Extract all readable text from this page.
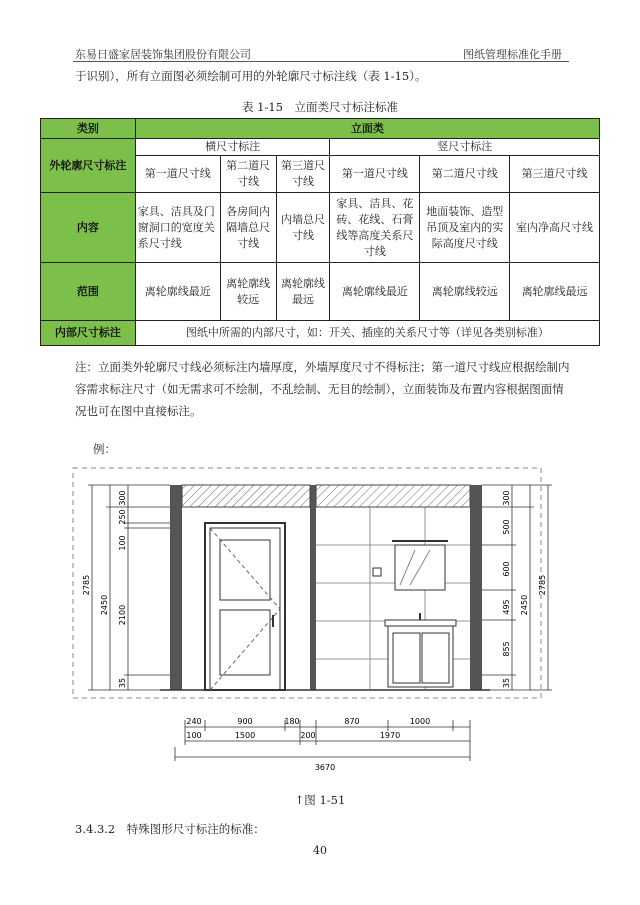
东易日盛家居装饰集团股份有限公司	图纸管理标准化手册
于识别），所有立面图必须绘制可用的外轮廓尺寸标注线（表 1-15）。
表 1-15　立面类尺寸标注标准
类别	立面类					
外轮廓尺寸标注	横尺寸标注			竖尺寸标注		
	第一道尺寸线	第二道尺寸线	第三道尺寸线	第一道尺寸线	第二道尺寸线	第三道尺寸线
内容	家具、洁具及门窗洞口的宽度关系尺寸线	各房间内隔墙总尺寸线	内墙总尺寸线	家具、洁具、花砖、花线、石膏线等高度关系尺寸线	地面装饰、造型吊顶及室内的实际高度尺寸线	室内净高尺寸线
范围	离轮廓线最近	离轮廓线较远	离轮廓线最远	离轮廓线最近	离轮廓线较远	离轮廓线最远
内部尺寸标注	图纸中所需的内部尺寸，如：开关、插座的关系尺寸等（详见各类别标准）					
注：立面类外轮廓尺寸线必须标注内墙厚度，外墙厚度尺寸不得标注；第一道尺寸线应根据绘制内容需求标注尺寸（如无需求可不绘制，不乱绘制、无目的绘制），立面装饰及布置内容根据图面情况也可在图中直接标注。
例：
300
250
100
2100
2450
2785
35
300
500
600
495
855
2450
2785
35
240	900	180	870	1000
100	1500	200	1970
3670
↑图 1-51
3.4.3.2　特殊图形尺寸标注的标准：
40
